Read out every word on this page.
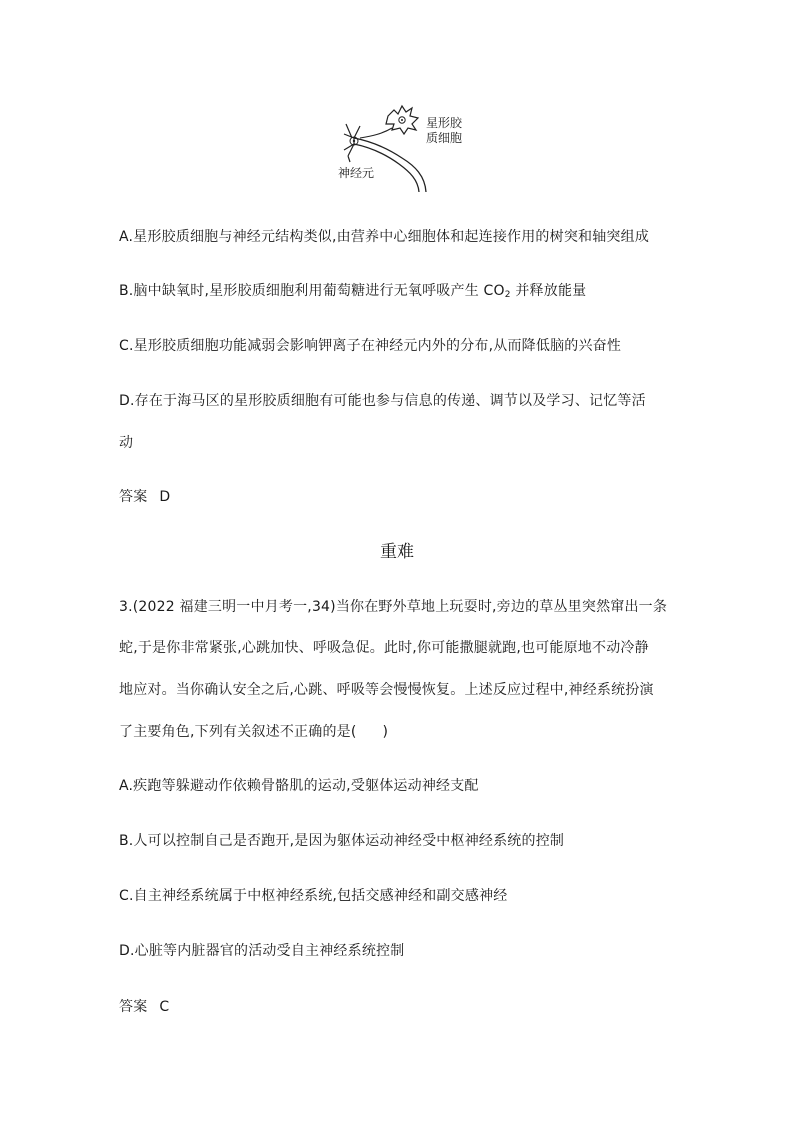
星形胶
质细胞
神经元
A.星形胶质细胞与神经元结构类似,由营养中心细胞体和起连接作用的树突和轴突组成
B.脑中缺氧时,星形胶质细胞利用葡萄糖进行无氧呼吸产生 $CO_2$ 并释放能量
C.星形胶质细胞功能减弱会影响钾离子在神经元内外的分布,从而降低脑的兴奋性
D.存在于海马区的星形胶质细胞有可能也参与信息的传递、调节以及学习、记忆等活
动
答案 D
重难
3.(2022 福建三明一中月考一,34)当你在野外草地上玩耍时,旁边的草丛里突然窜出一条
蛇,于是你非常紧张,心跳加快、呼吸急促。此时,你可能撒腿就跑,也可能原地不动冷静
地应对。当你确认安全之后,心跳、呼吸等会慢慢恢复。上述反应过程中,神经系统扮演
了主要角色,下列有关叙述不正确的是( )
A.疾跑等躲避动作依赖骨骼肌的运动,受躯体运动神经支配
B.人可以控制自己是否跑开,是因为躯体运动神经受中枢神经系统的控制
C.自主神经系统属于中枢神经系统,包括交感神经和副交感神经
D.心脏等内脏器官的活动受自主神经系统控制
答案 C
